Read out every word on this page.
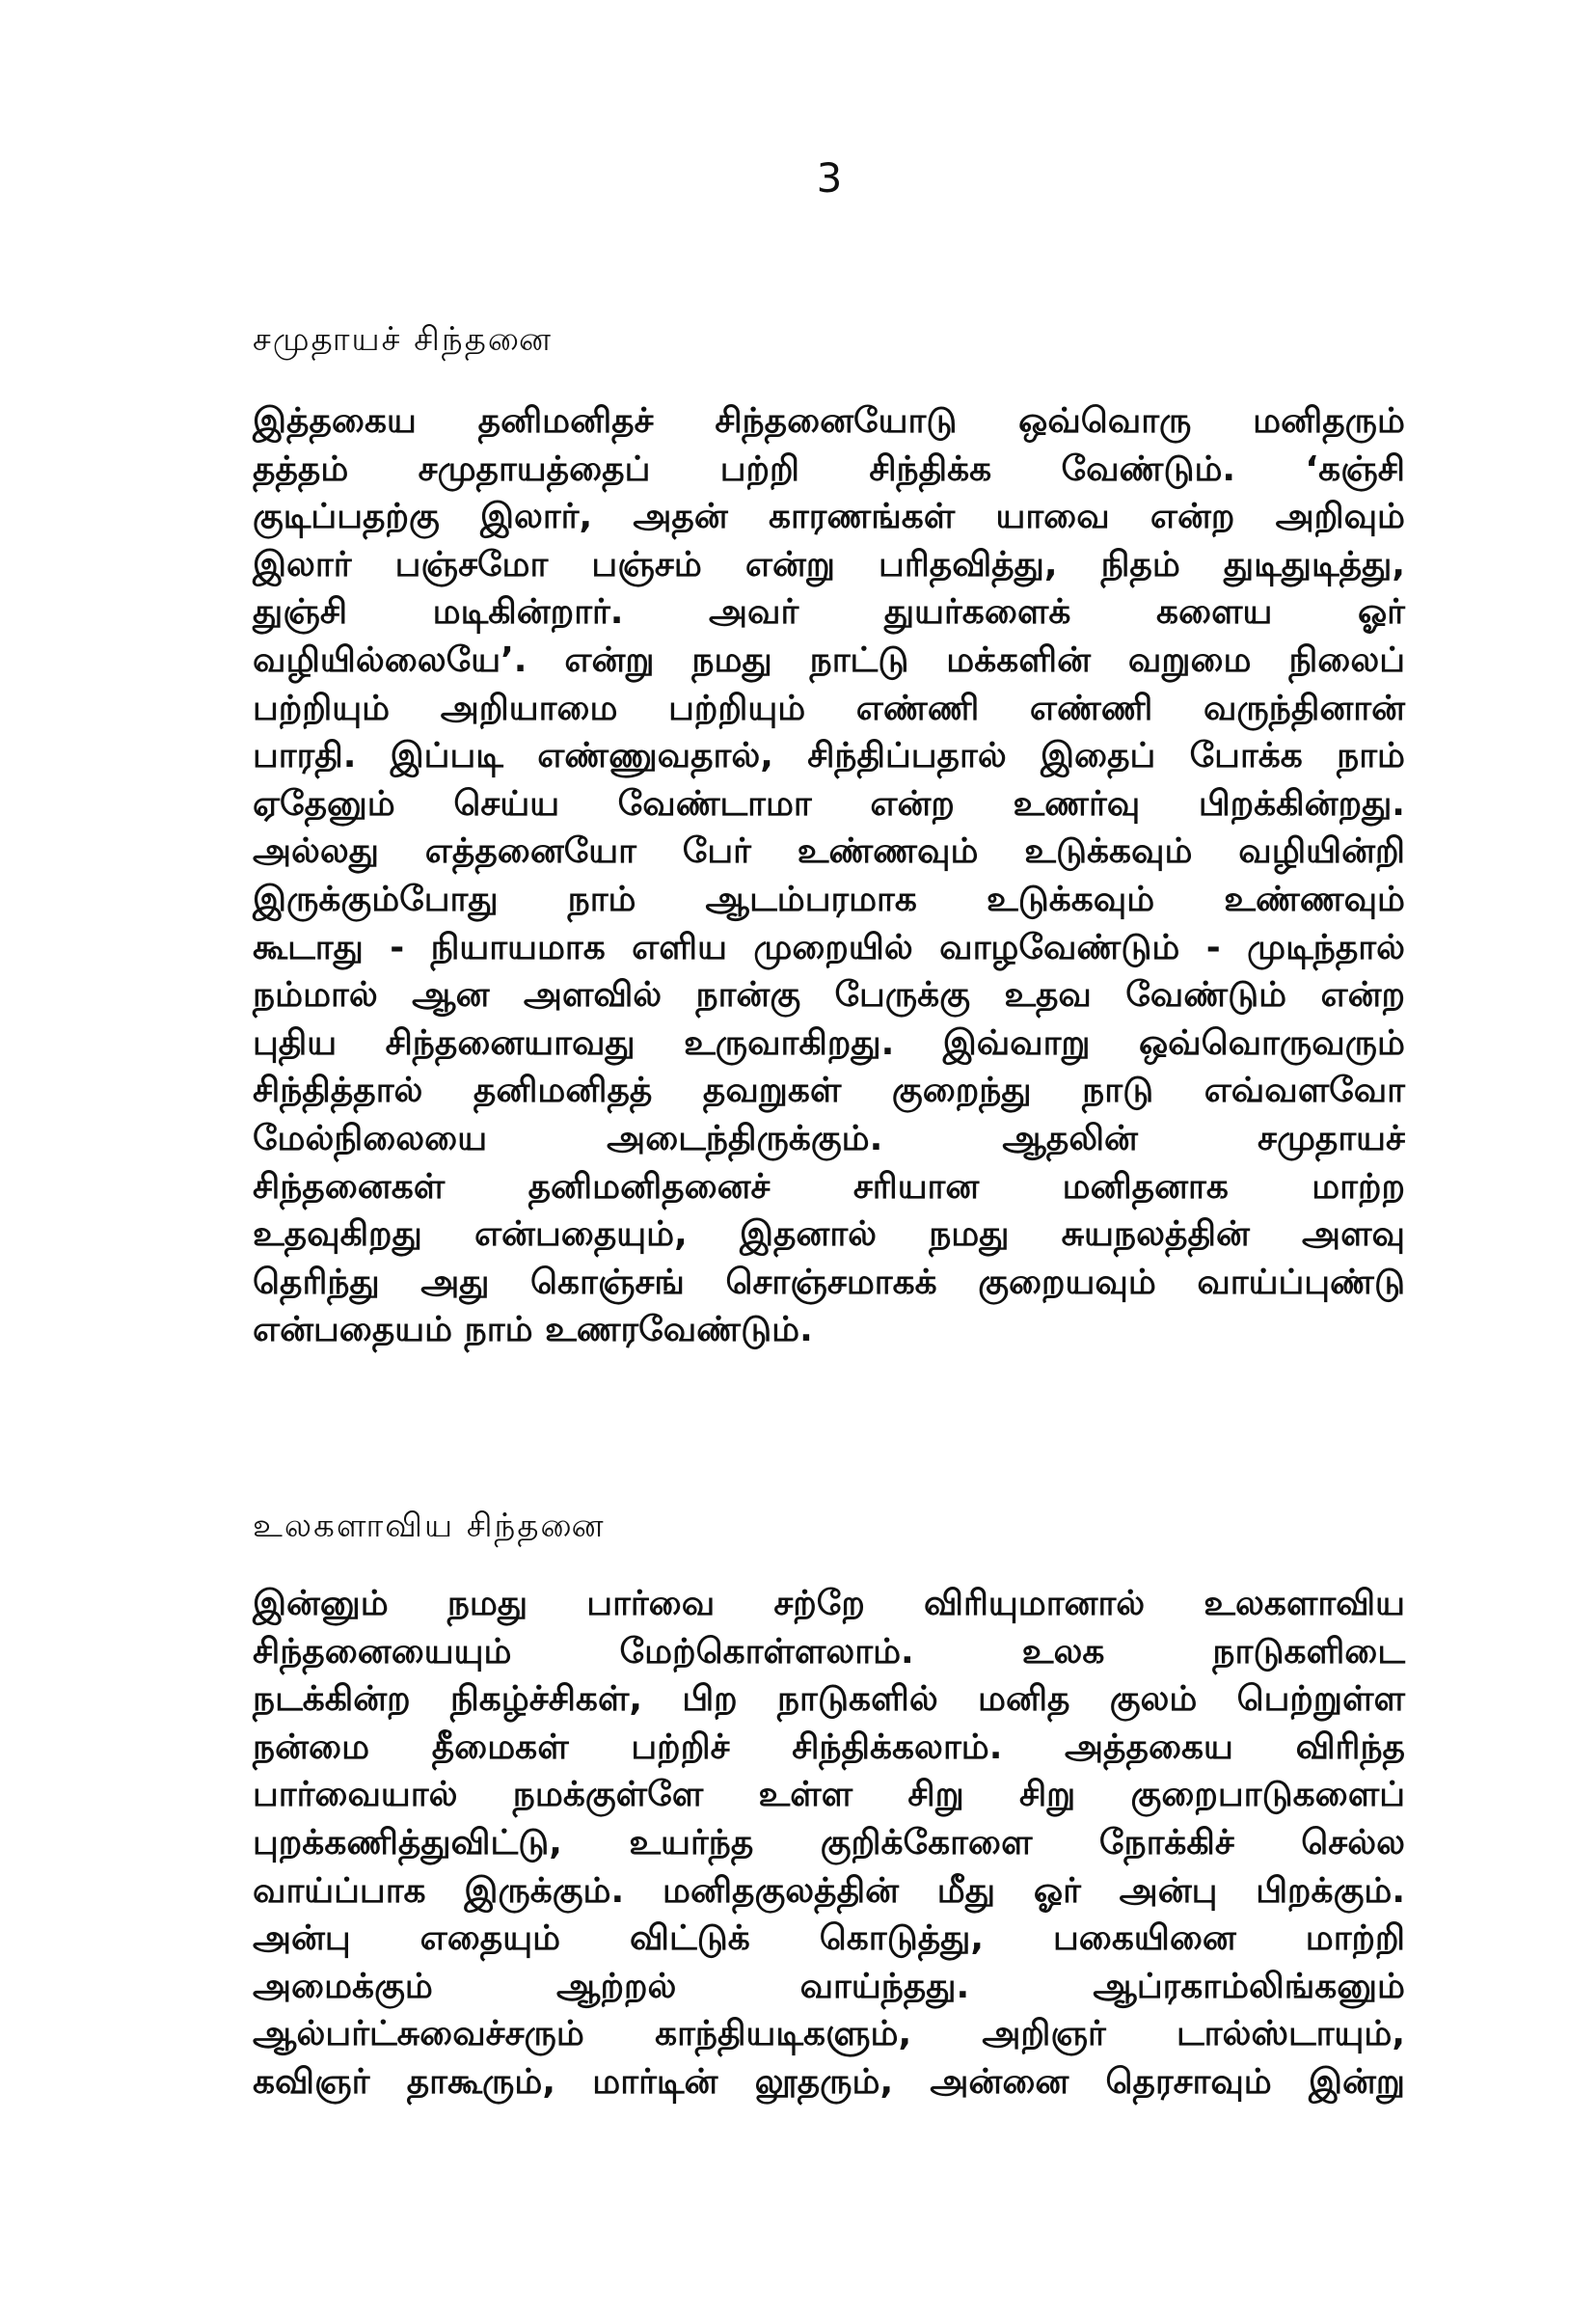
3
சமுதாயச் சிந்தனை

இத்தகைய தனிமனிதச் சிந்தனையோடு ஒவ்வொரு மனிதரும்
தத்தம் சமுதாயத்தைப் பற்றி சிந்திக்க வேண்டும். ‘கஞ்சி
குடிப்பதற்கு இலார், அதன் காரணங்கள் யாவை என்ற அறிவும்
இலார் பஞ்சமோ பஞ்சம் என்று பரிதவித்து, நிதம் துடிதுடித்து,
துஞ்சி மடிகின்றார். அவர் துயர்களைக் களைய ஓர்
வழியில்லையே’. என்று நமது நாட்டு மக்களின் வறுமை நிலைப்
பற்றியும் அறியாமை பற்றியும் எண்ணி எண்ணி வருந்தினான்
பாரதி. இப்படி எண்ணுவதால், சிந்திப்பதால் இதைப் போக்க நாம்
ஏதேனும் செய்ய வேண்டாமா என்ற உணர்வு பிறக்கின்றது.
அல்லது எத்தனையோ பேர் உண்ணவும் உடுக்கவும் வழியின்றி
இருக்கும்போது நாம் ஆடம்பரமாக உடுக்கவும் உண்ணவும்
கூடாது - நியாயமாக எளிய முறையில் வாழவேண்டும் - முடிந்தால்
நம்மால் ஆன அளவில் நான்கு பேருக்கு உதவ வேண்டும் என்ற
புதிய சிந்தனையாவது உருவாகிறது. இவ்வாறு ஒவ்வொருவரும்
சிந்தித்தால் தனிமனிதத் தவறுகள் குறைந்து நாடு எவ்வளவோ
மேல்நிலையை அடைந்திருக்கும். ஆதலின் சமுதாயச்
சிந்தனைகள் தனிமனிதனைச் சரியான மனிதனாக மாற்ற
உதவுகிறது என்பதையும், இதனால் நமது சுயநலத்தின் அளவு
தெரிந்து அது கொஞ்சங் சொஞ்சமாகக் குறையவும் வாய்ப்புண்டு
என்பதையம் நாம் உணரவேண்டும்.

உலகளாவிய சிந்தனை

இன்னும் நமது பார்வை சற்றே விரியுமானால் உலகளாவிய
சிந்தனையையும் மேற்கொள்ளலாம். உலக நாடுகளிடை
நடக்கின்ற நிகழ்ச்சிகள், பிற நாடுகளில் மனித குலம் பெற்றுள்ள
நன்மை தீமைகள் பற்றிச் சிந்திக்கலாம். அத்தகைய விரிந்த
பார்வையால் நமக்குள்ளே உள்ள சிறு சிறு குறைபாடுகளைப்
புறக்கணித்துவிட்டு, உயர்ந்த குறிக்கோளை நோக்கிச் செல்ல
வாய்ப்பாக இருக்கும். மனிதகுலத்தின் மீது ஓர் அன்பு பிறக்கும்.
அன்பு எதையும் விட்டுக் கொடுத்து, பகையினை மாற்றி
அமைக்கும் ஆற்றல் வாய்ந்தது. ஆப்ரகாம்லிங்கனும்
ஆல்பர்ட்சுவைச்சரும் காந்தியடிகளும், அறிஞர் டால்ஸ்டாயும்,
கவிஞர் தாகூரும், மார்டின் லூதரும், அன்னை தெரசாவும் இன்று
